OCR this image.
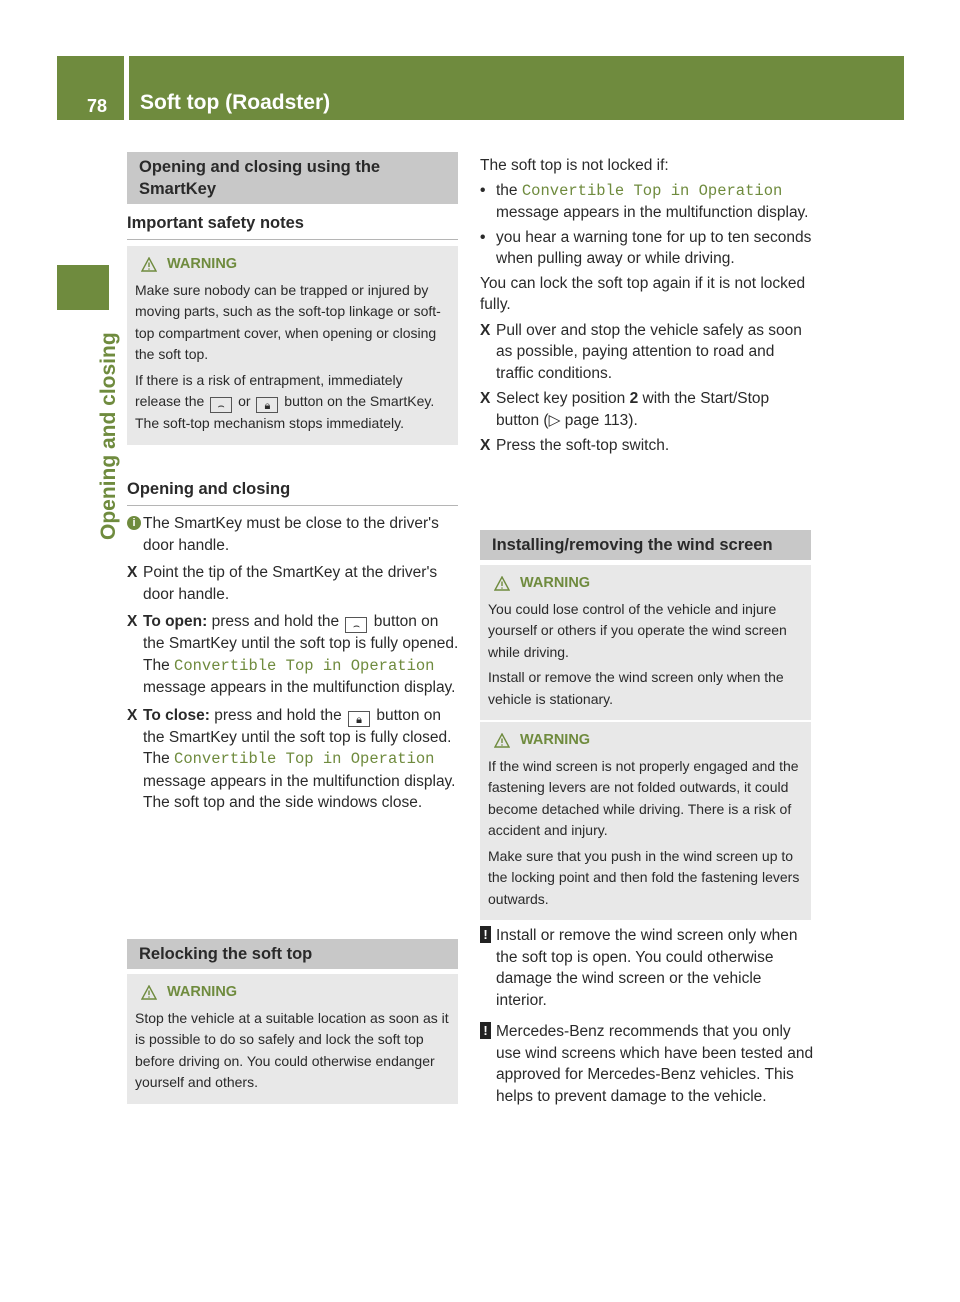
78 Soft top (Roadster)
Opening and closing
Opening and closing using the SmartKey
Important safety notes
WARNING

Make sure nobody can be trapped or injured by moving parts, such as the soft-top linkage or soft-top compartment cover, when opening or closing the soft top.

If there is a risk of entrapment, immediately release the ⌢ or 🔒︎ button on the SmartKey. The soft-top mechanism stops immediately.

Opening and closing
i The SmartKey must be close to the driver's door handle.
X Point the tip of the SmartKey at the driver's door handle.
X To open: press and hold the ⌢ button on the SmartKey until the soft top is fully opened.
The Convertible Top in Operation
message appears in the multifunction display.
X To close: press and hold the 🔒︎ button on the SmartKey until the soft top is fully closed.
The Convertible Top in Operation
message appears in the multifunction display. The soft top and the side windows close.
Relocking the soft top
WARNING

Stop the vehicle at a suitable location as soon as it is possible to do so safely and lock the soft top before driving on. You could otherwise endanger yourself and others.

The soft top is not locked if:
• the Convertible Top in Operation
message appears in the multifunction display.
• you hear a warning tone for up to ten seconds when pulling away or while driving.
You can lock the soft top again if it is not locked fully.
X Pull over and stop the vehicle safely as soon as possible, paying attention to road and traffic conditions.
X Select key position 2 with the Start/Stop button (▷ page 113).
X Press the soft-top switch.
Installing/removing the wind screen
WARNING

You could lose control of the vehicle and injure yourself or others if you operate the wind screen while driving.

Install or remove the wind screen only when the vehicle is stationary.

WARNING

If the wind screen is not properly engaged and the fastening levers are not folded outwards, it could become detached while driving. There is a risk of accident and injury.

Make sure that you push in the wind screen up to the locking point and then fold the fastening levers outwards.

! Install or remove the wind screen only when the soft top is open. You could otherwise damage the wind screen or the vehicle interior.
! Mercedes-Benz recommends that you only use wind screens which have been tested and approved for Mercedes-Benz vehicles. This helps to prevent damage to the vehicle.
